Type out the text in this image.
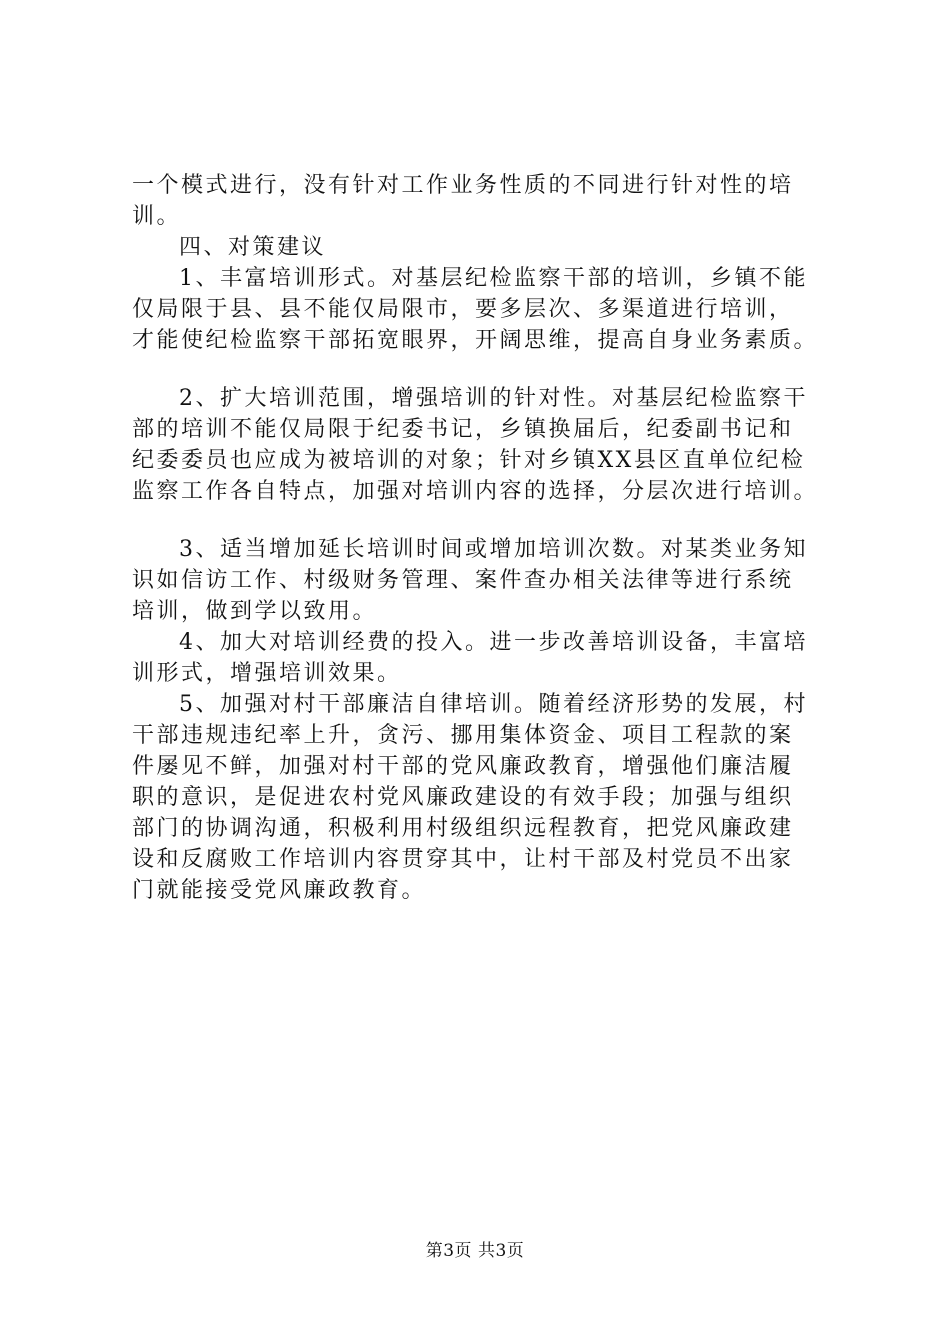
一个模式进行，没有针对工作业务性质的不同进行针对性的培

训。

四、对策建议

1、丰富培训形式。对基层纪检监察干部的培训，乡镇不能

仅局限于县、县不能仅局限市，要多层次、多渠道进行培训，

才能使纪检监察干部拓宽眼界，开阔思维，提高自身业务素质。

2、扩大培训范围，增强培训的针对性。对基层纪检监察干

部的培训不能仅局限于纪委书记，乡镇换届后，纪委副书记和

纪委委员也应成为被培训的对象；针对乡镇XX县区直单位纪检

监察工作各自特点，加强对培训内容的选择，分层次进行培训。

3、适当增加延长培训时间或增加培训次数。对某类业务知

识如信访工作、村级财务管理、案件查办相关法律等进行系统

培训，做到学以致用。

4、加大对培训经费的投入。进一步改善培训设备，丰富培

训形式，增强培训效果。

5、加强对村干部廉洁自律培训。随着经济形势的发展，村

干部违规违纪率上升，贪污、挪用集体资金、项目工程款的案

件屡见不鲜，加强对村干部的党风廉政教育，增强他们廉洁履

职的意识，是促进农村党风廉政建设的有效手段；加强与组织

部门的协调沟通，积极利用村级组织远程教育，把党风廉政建

设和反腐败工作培训内容贯穿其中，让村干部及村党员不出家

门就能接受党风廉政教育。

第3页 共3页
